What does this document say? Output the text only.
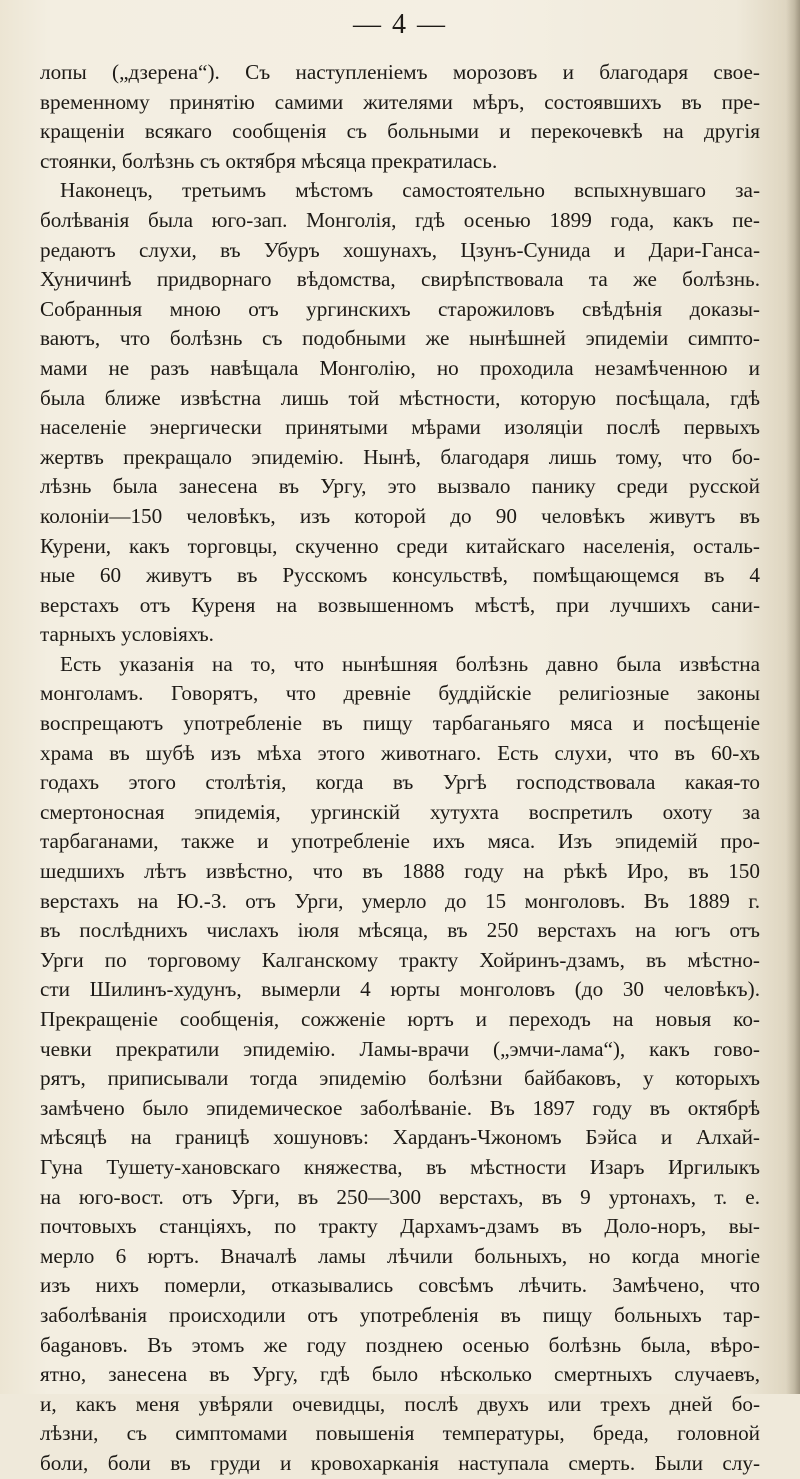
— 4 —
лопы („дзерена“). Съ наступленіемъ морозовъ и благодаря свое-
временному принятію самими жителями мѣръ, состоявшихъ въ пре-
кращеніи всякаго сообщенія съ больными и перекочевкѣ на другія
стоянки, болѣзнь съ октября мѣсяца прекратилась.
Наконецъ, третьимъ мѣстомъ самостоятельно вспыхнувшаго за-
болѣванія была юго-зап. Монголія, гдѣ осенью 1899 года, какъ пе-
редаютъ слухи, въ Убуръ хошунахъ, Цзунъ-Сунида и Дари-Ганса-
Хуничинѣ придворнаго вѣдомства, свирѣпствовала та же болѣзнь.
Собранныя мною отъ ургинскихъ старожиловъ свѣдѣнія доказы-
ваютъ, что болѣзнь съ подобными же нынѣшней эпидеміи симпто-
мами не разъ навѣщала Монголію, но проходила незамѣченною и
была ближе извѣстна лишь той мѣстности, которую посѣщала, гдѣ
населеніе энергически принятыми мѣрами изоляціи послѣ первыхъ
жертвъ прекращало эпидемію. Нынѣ, благодаря лишь тому, что бо-
лѣзнь была занесена въ Ургу, это вызвало панику среди русской
колоніи—150 человѣкъ, изъ которой до 90 человѣкъ живутъ въ
Курени, какъ торговцы, скученно среди китайскаго населенія, осталь-
ные 60 живутъ въ Русскомъ консульствѣ, помѣщающемся въ 4
верстахъ отъ Куреня на возвышенномъ мѣстѣ, при лучшихъ сани-
тарныхъ условіяхъ.
Есть указанія на то, что нынѣшняя болѣзнь давно была извѣстна
монголамъ. Говорятъ, что древніе буддійскіе религіозные законы
воспрещаютъ употребленіе въ пищу тарбаганьяго мяса и посѣщеніе
храма въ шубѣ изъ мѣха этого животнаго. Есть слухи, что въ 60-хъ
годахъ этого столѣтія, когда въ Ургѣ господствовала какая-то
смертоносная эпидемія, ургинскій хутухта воспретилъ охоту за
тарбаганами, также и употребленіе ихъ мяса. Изъ эпидемій про-
шедшихъ лѣтъ извѣстно, что въ 1888 году на рѣкѣ Иро, въ 150
верстахъ на Ю.-З. отъ Урги, умерло до 15 монголовъ. Въ 1889 г.
въ послѣднихъ числахъ іюля мѣсяца, въ 250 верстахъ на югъ отъ
Урги по торговому Калганскому тракту Хойринъ-дзамъ, въ мѣстно-
сти Шилинъ-худунъ, вымерли 4 юрты монголовъ (до 30 человѣкъ).
Прекращеніе сообщенія, сожженіе юртъ и переходъ на новыя ко-
чевки прекратили эпидемію. Ламы-врачи („эмчи-лама“), какъ гово-
рятъ, приписывали тогда эпидемію болѣзни байбаковъ, у которыхъ
замѣчено было эпидемическое заболѣваніе. Въ 1897 году въ октябрѣ
мѣсяцѣ на границѣ хошуновъ: Харданъ-Чжономъ Бэйса и Алхай-
Гуна Тушету-хановскаго княжества, въ мѣстности Изаръ Иргилыкъ
на юго-вост. отъ Урги, въ 250—300 верстахъ, въ 9 уртонахъ, т. е.
почтовыхъ станціяхъ, по тракту Дархамъ-дзамъ въ Доло-норъ, вы-
мерло 6 юртъ. Вначалѣ ламы лѣчили больныхъ, но когда многіе
изъ нихъ померли, отказывались совсѣмъ лѣчить. Замѣчено, что
заболѣванія происходили отъ употребленія въ пищу больныхъ тар-
бagановъ. Въ этомъ же году позднею осенью болѣзнь была, вѣро-
ятно, занесена въ Ургу, гдѣ было нѣсколько смертныхъ случаевъ,
и, какъ меня увѣряли очевидцы, послѣ двухъ или трехъ дней бо-
лѣзни, съ симптомами повышенія температуры, бреда, головной
боли, боли въ груди и кровохарканія наступала смерть. Были слу-
